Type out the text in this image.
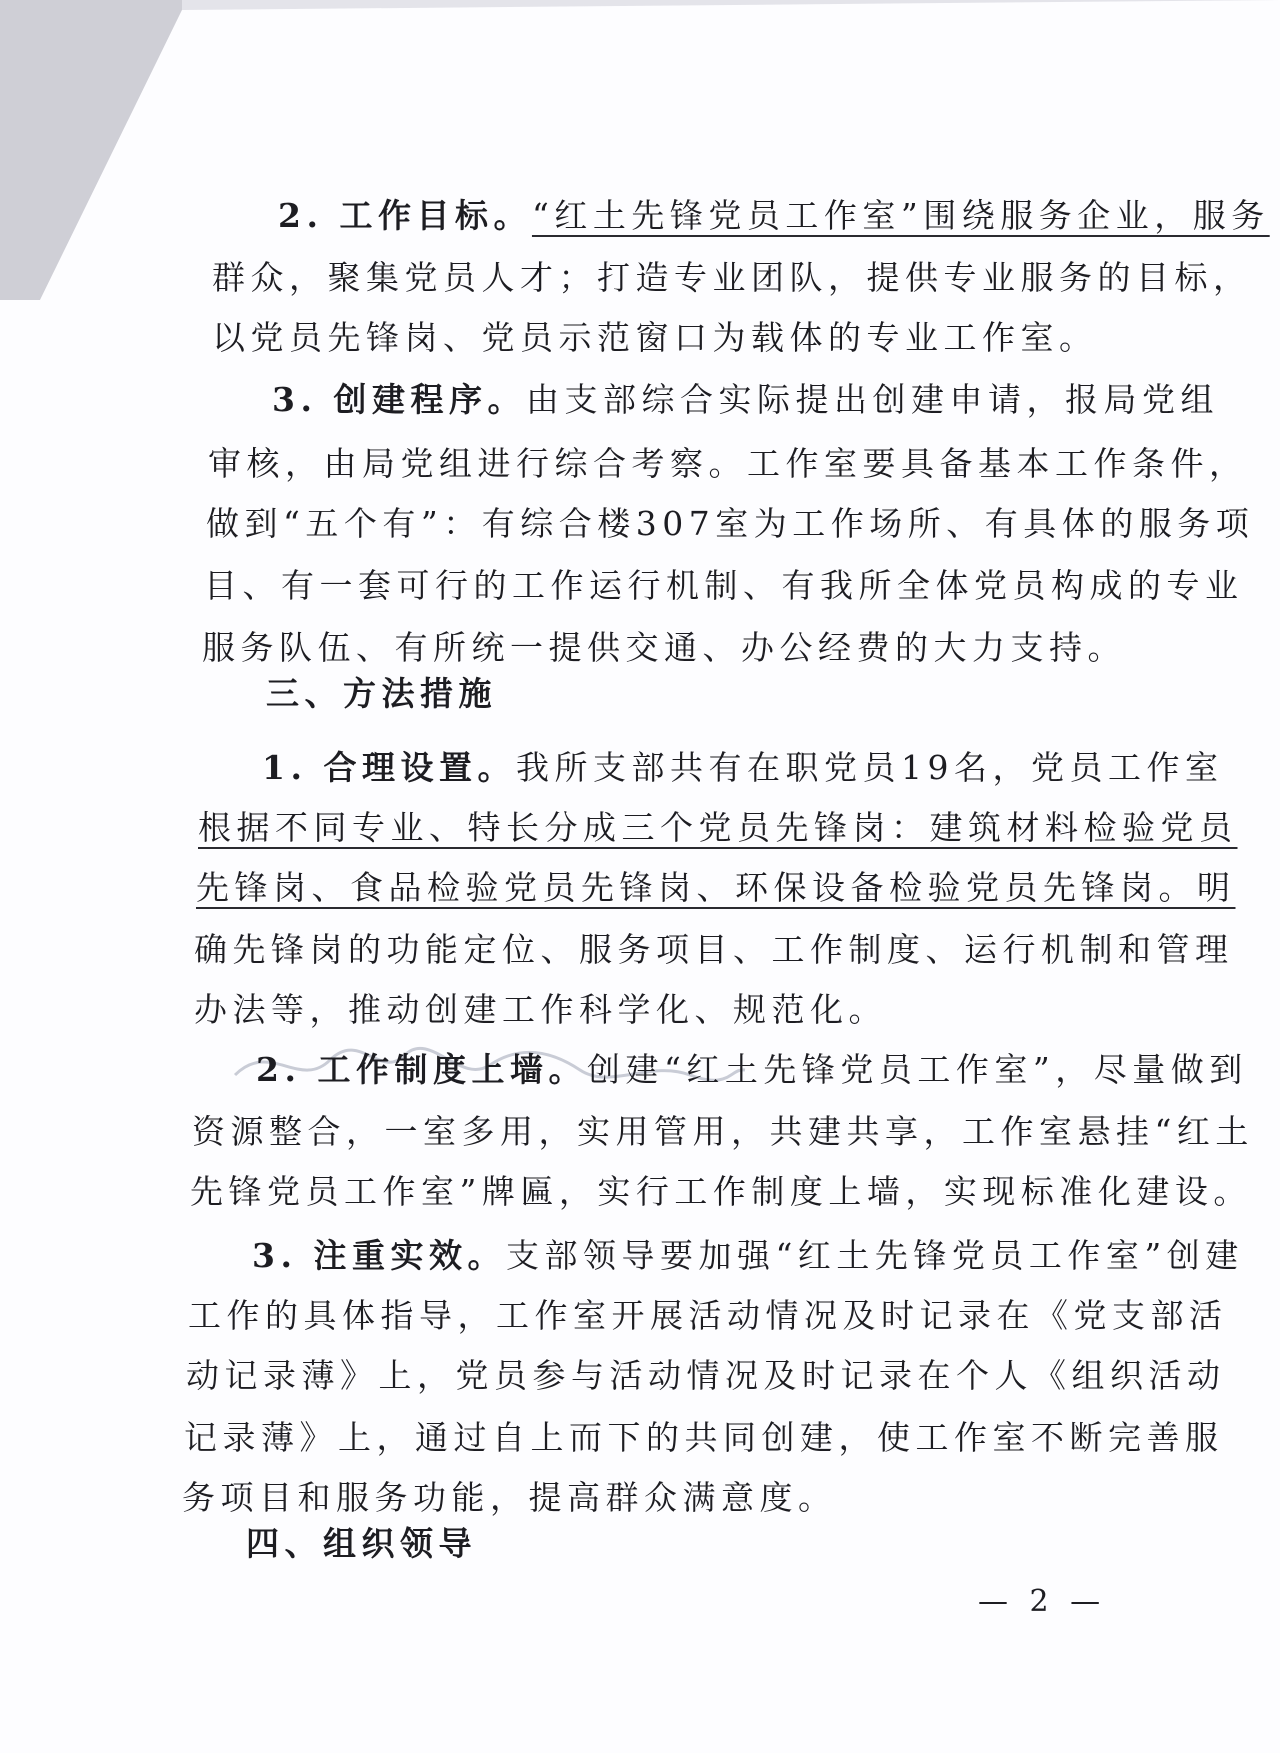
2. 工作目标。“红土先锋党员工作室”围绕服务企业，服务
群众，聚集党员人才；打造专业团队，提供专业服务的目标，
以党员先锋岗、党员示范窗口为载体的专业工作室。
3. 创建程序。由支部综合实际提出创建申请，报局党组
审核，由局党组进行综合考察。工作室要具备基本工作条件，
做到“五个有”：有综合楼307室为工作场所、有具体的服务项
目、有一套可行的工作运行机制、有我所全体党员构成的专业
服务队伍、有所统一提供交通、办公经费的大力支持。
三、方法措施
1. 合理设置。我所支部共有在职党员19名，党员工作室
根据不同专业、特长分成三个党员先锋岗：建筑材料检验党员
先锋岗、食品检验党员先锋岗、环保设备检验党员先锋岗。明
确先锋岗的功能定位、服务项目、工作制度、运行机制和管理
办法等，推动创建工作科学化、规范化。
2. 工作制度上墙。创建“红土先锋党员工作室”，尽量做到
资源整合，一室多用，实用管用，共建共享，工作室悬挂“红土
先锋党员工作室”牌匾，实行工作制度上墙，实现标准化建设。
3. 注重实效。支部领导要加强“红土先锋党员工作室”创建
工作的具体指导，工作室开展活动情况及时记录在《党支部活
动记录薄》上，党员参与活动情况及时记录在个人《组织活动
记录薄》上，通过自上而下的共同创建，使工作室不断完善服
务项目和服务功能，提高群众满意度。
四、组织领导
— 2 —
